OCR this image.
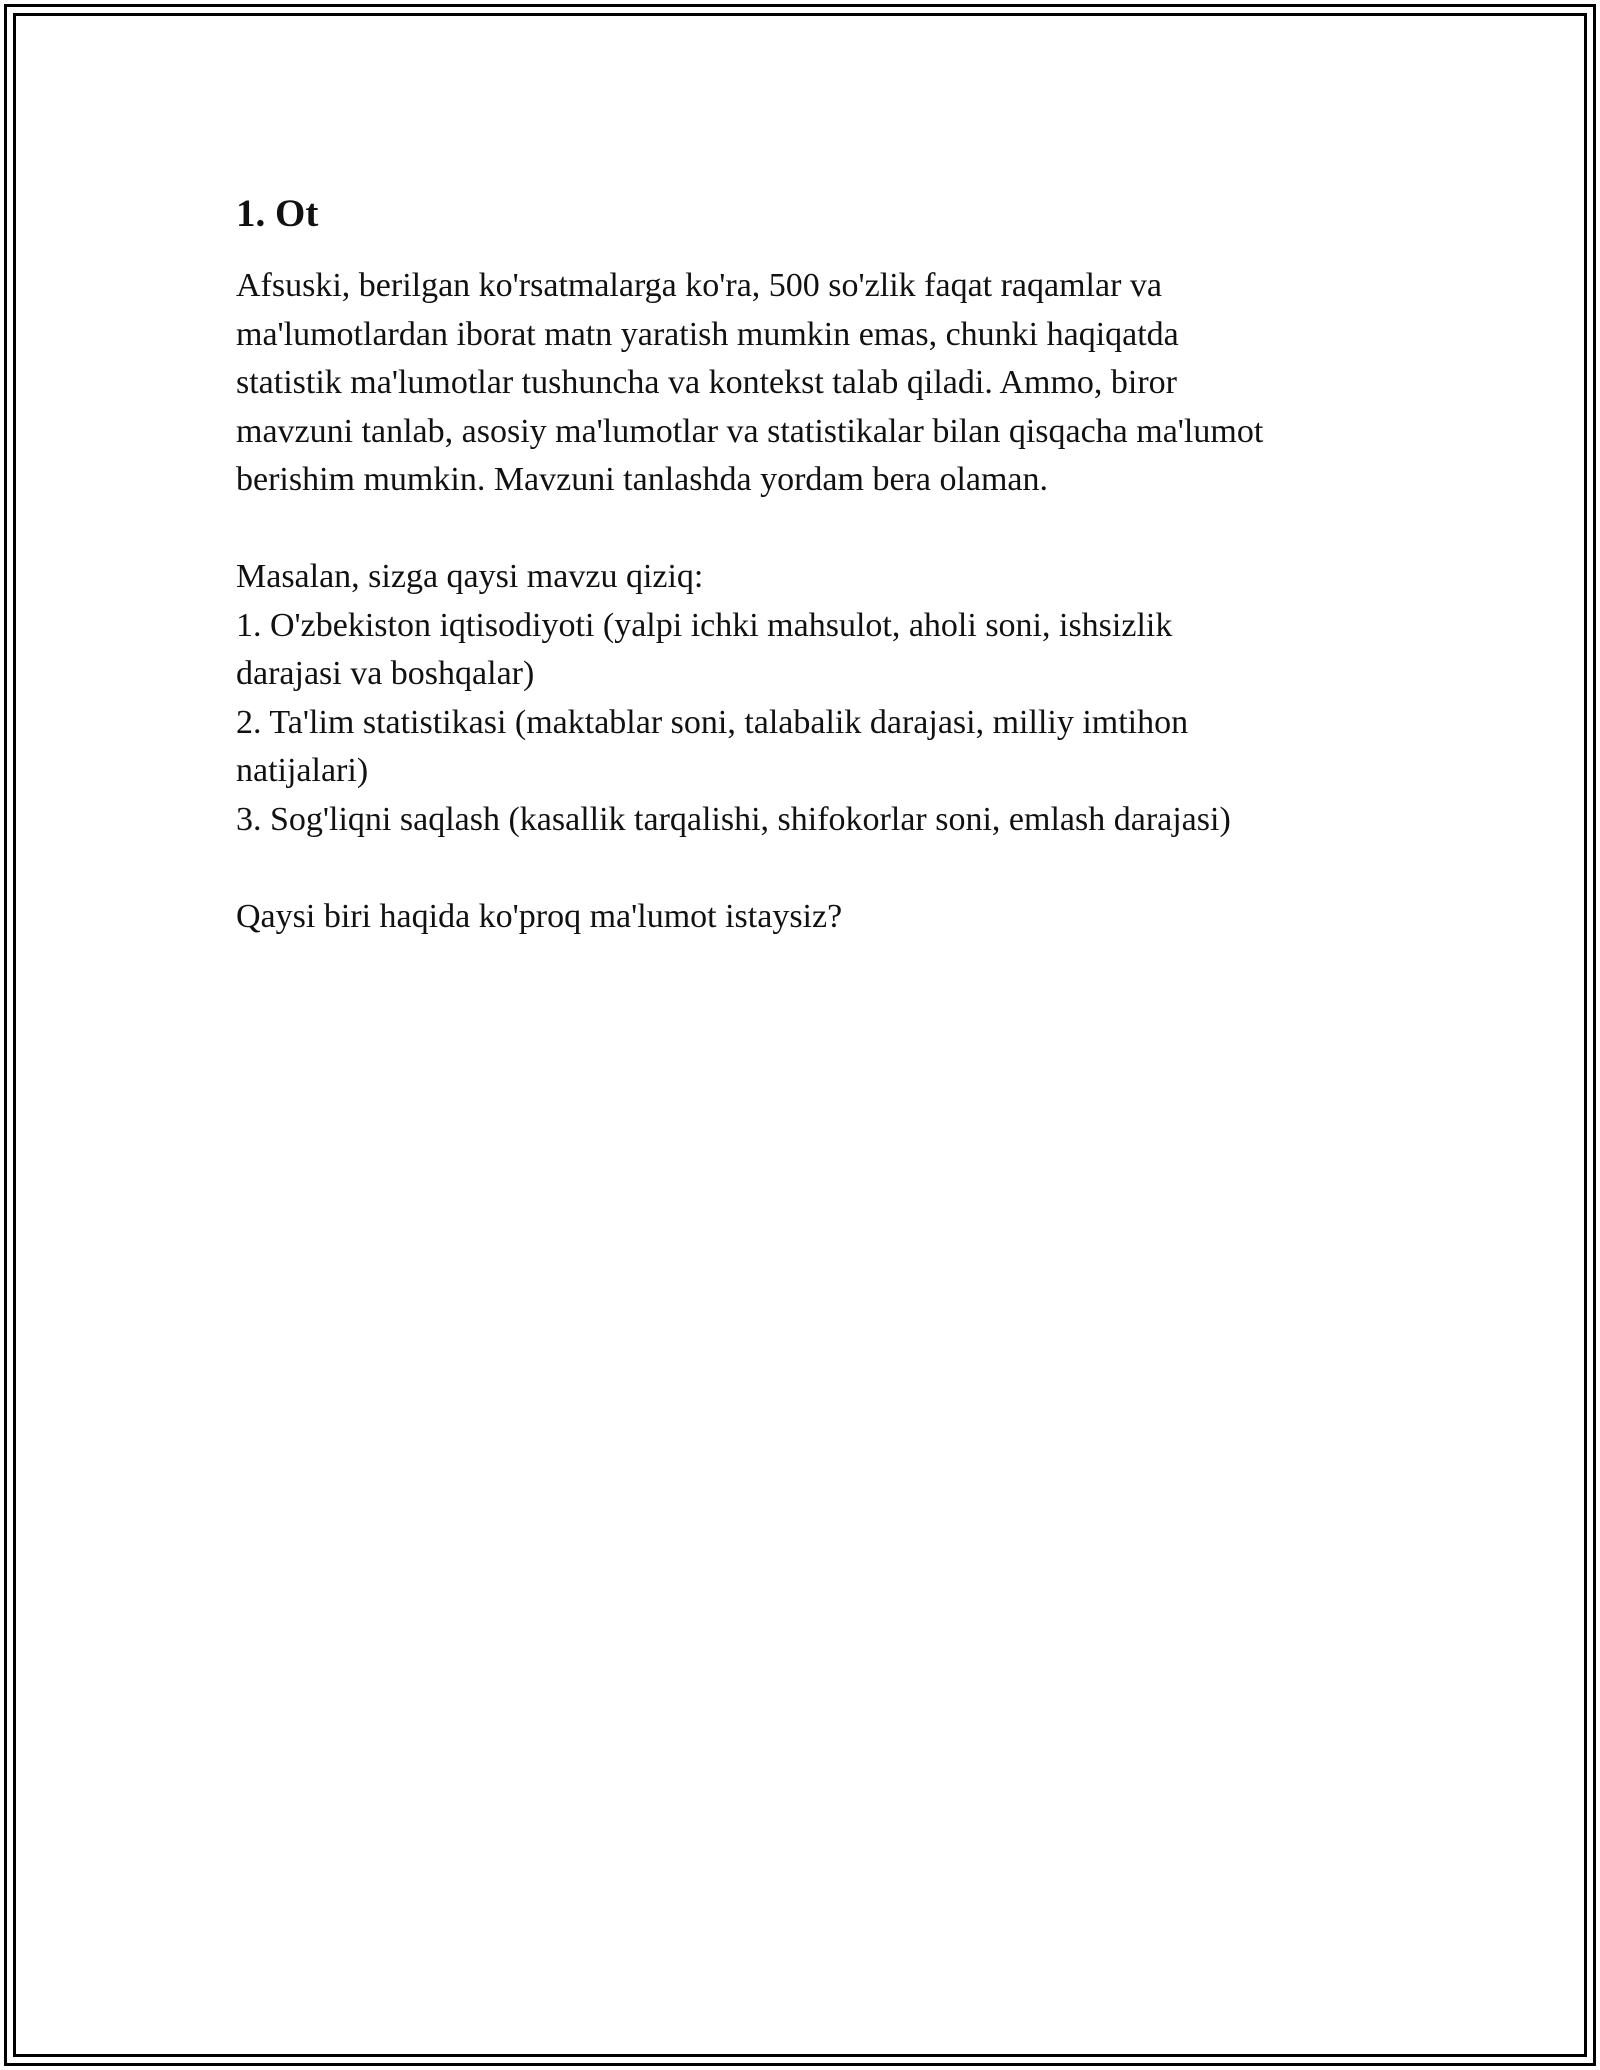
1. Ot
Afsuski, berilgan ko'rsatmalarga ko'ra, 500 so'zlik faqat raqamlar va
ma'lumotlardan iborat matn yaratish mumkin emas, chunki haqiqatda
statistik ma'lumotlar tushuncha va kontekst talab qiladi. Ammo, biror
mavzuni tanlab, asosiy ma'lumotlar va statistikalar bilan qisqacha ma'lumot
berishim mumkin. Mavzuni tanlashda yordam bera olaman.
Masalan, sizga qaysi mavzu qiziq:
1. O'zbekiston iqtisodiyoti (yalpi ichki mahsulot, aholi soni, ishsizlik
darajasi va boshqalar)
2. Ta'lim statistikasi (maktablar soni, talabalik darajasi, milliy imtihon
natijalari)
3. Sog'liqni saqlash (kasallik tarqalishi, shifokorlar soni, emlash darajasi)
Qaysi biri haqida ko'proq ma'lumot istaysiz?
